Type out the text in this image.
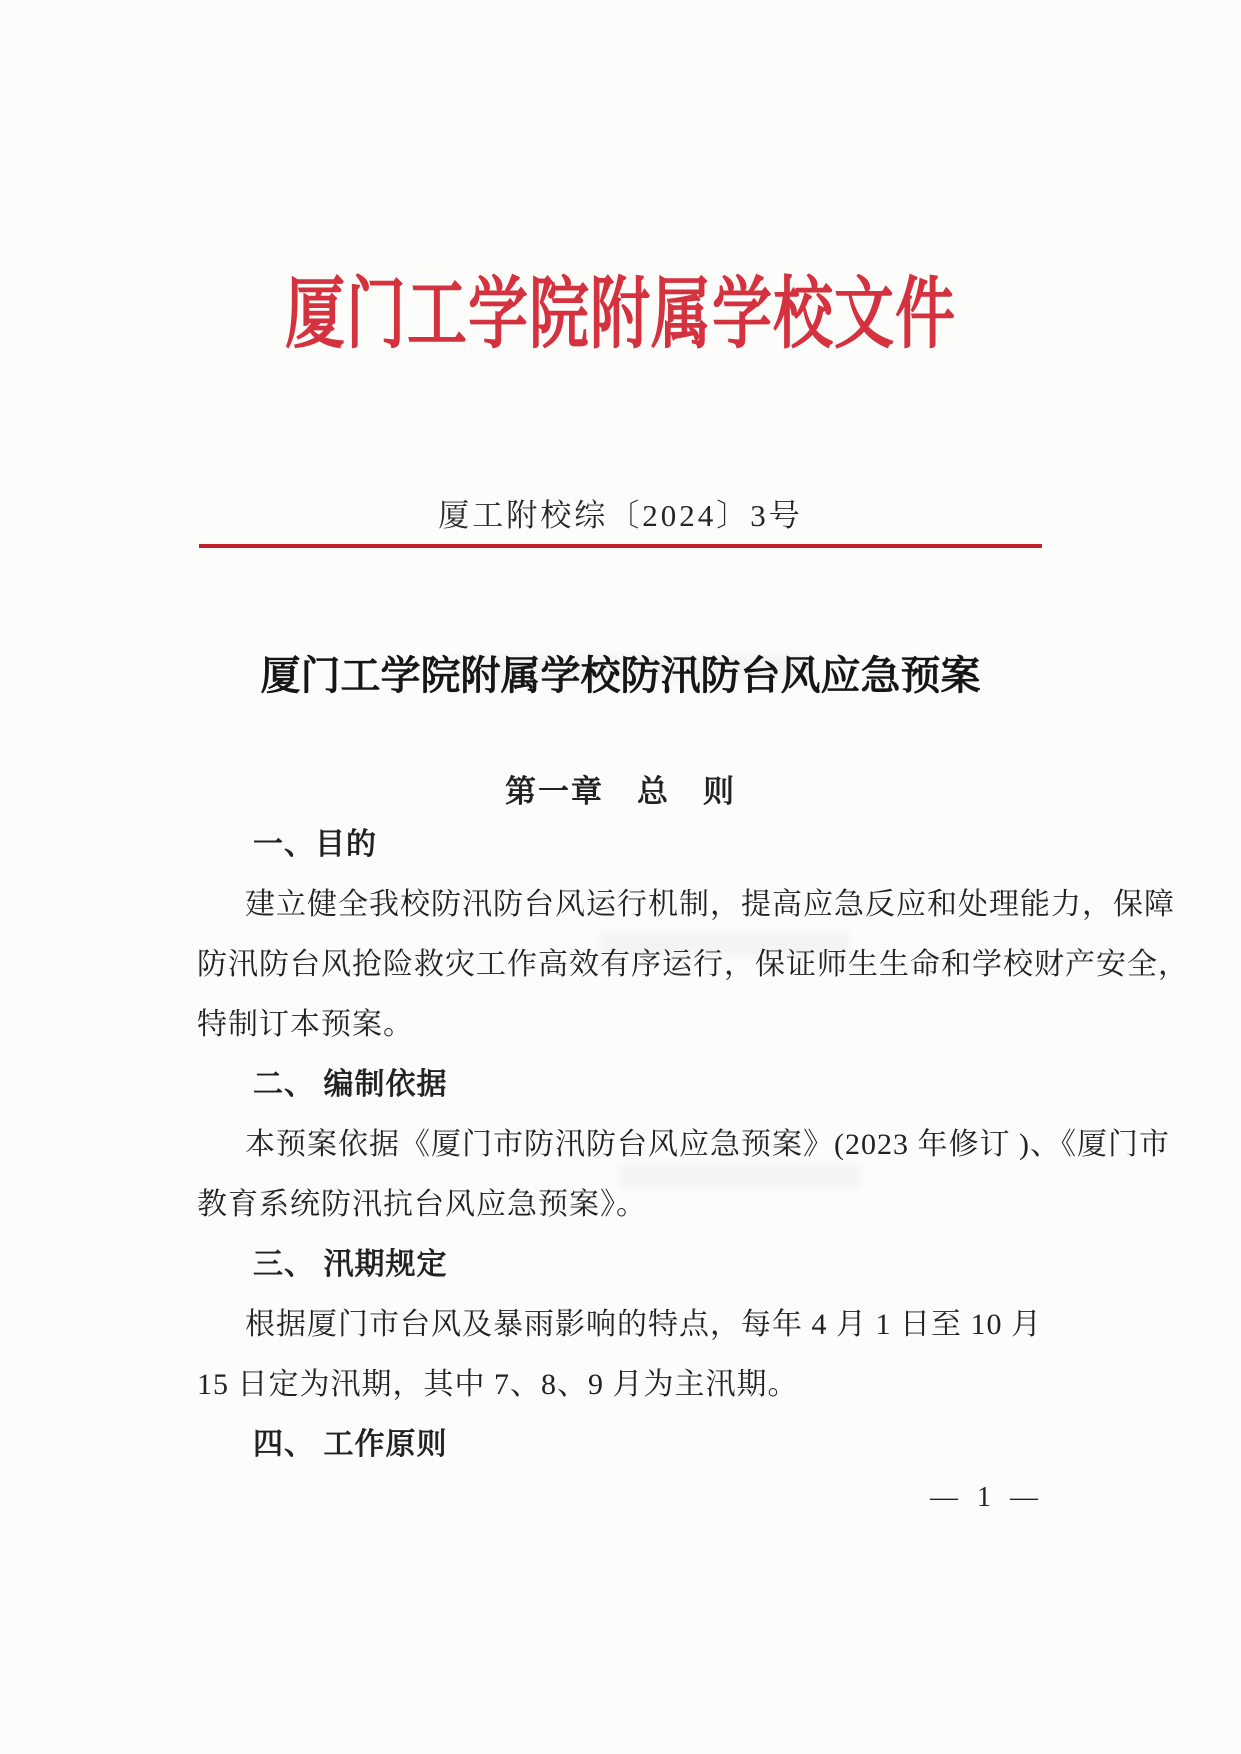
厦门工学院附属学校文件
厦工附校综〔2024〕3号
厦门工学院附属学校防汛防台风应急预案
第一章　总　则
一、目的
建立健全我校防汛防台风运行机制，提高应急反应和处理能力，保障
防汛防台风抢险救灾工作高效有序运行，保证师生生命和学校财产安全，
特制订本预案。
二、 编制依据
本预案依据《厦门市防汛防台风应急预案》(2023 年修订 )、《厦门市
教育系统防汛抗台风应急预案》。
三、 汛期规定
根据厦门市台风及暴雨影响的特点，每年 4 月 1 日至 10 月
15 日定为汛期，其中 7、8、9 月为主汛期。
四、 工作原则
— 1 —
